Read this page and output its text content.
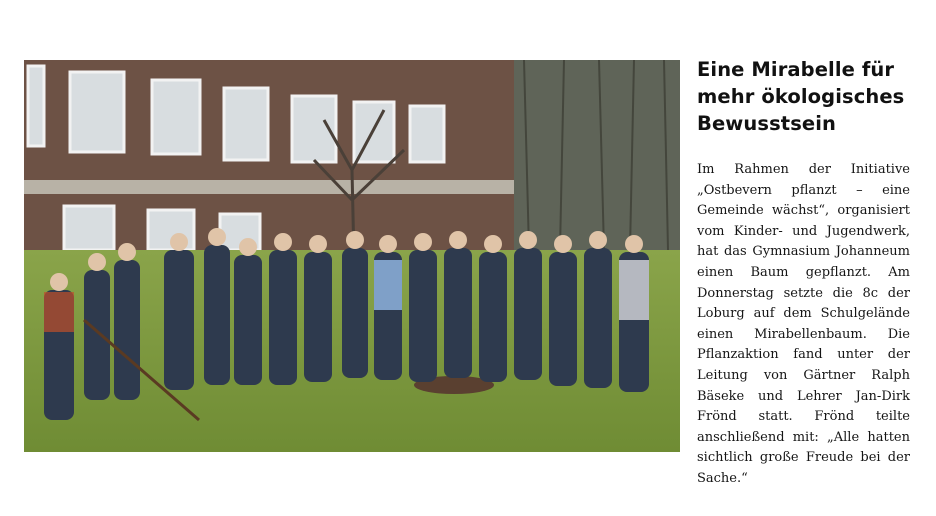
Eine Mirabelle für mehr ökologisches Bewusstsein

Im Rahmen der Initiative „Ostbevern pflanzt – eine Gemeinde wächst“, organisiert vom Kinder- und Jugendwerk, hat das Gymnasium Johanneum einen Baum gepflanzt. Am Donnerstag setzte die 8c der Loburg auf dem Schulgelände einen Mirabellenbaum. Die Pflanzaktion fand unter der Leitung von Gärtner Ralph Bäseke und Lehrer Jan-Dirk Frönd statt. Frönd teilte anschließend mit: „Alle hatten sichtlich große Freude bei der Sache.“
